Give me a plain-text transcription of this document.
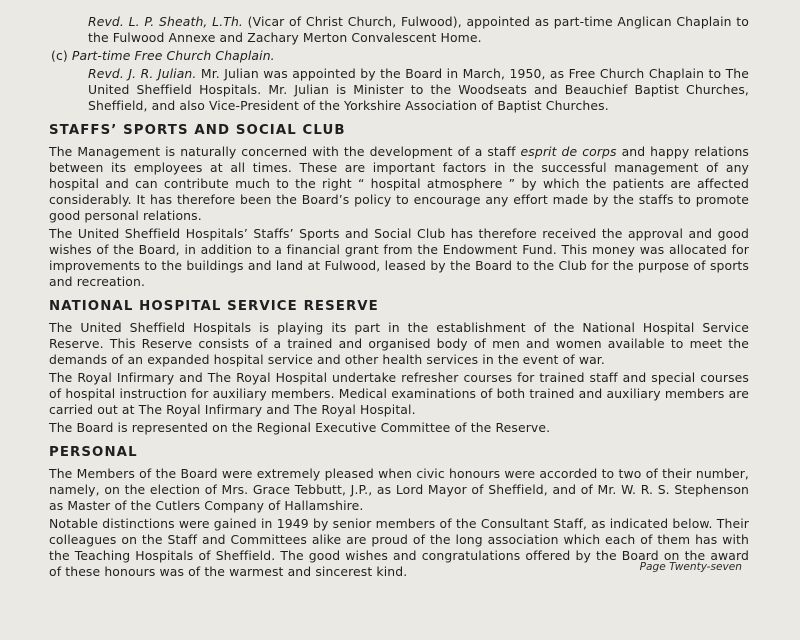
Revd. L. P. Sheath, L.Th. (Vicar of Christ Church, Fulwood), appointed as part-time Anglican Chaplain to the Fulwood Annexe and Zachary Merton Convalescent Home.

(c) Part-time Free Church Chaplain.

Revd. J. R. Julian. Mr. Julian was appointed by the Board in March, 1950, as Free Church Chaplain to The United Sheffield Hospitals. Mr. Julian is Minister to the Woodseats and Beauchief Baptist Churches, Sheffield, and also Vice-President of the Yorkshire Association of Baptist Churches.

STAFFS’ SPORTS AND SOCIAL CLUB

The Management is naturally concerned with the development of a staff esprit de corps and happy relations between its employees at all times. These are important factors in the successful management of any hospital and can contribute much to the right “ hospital atmosphere ” by which the patients are affected considerably. It has therefore been the Board’s policy to encourage any effort made by the staffs to promote good personal relations.

The United Sheffield Hospitals’ Staffs’ Sports and Social Club has therefore received the approval and good wishes of the Board, in addition to a financial grant from the Endowment Fund. This money was allocated for improvements to the buildings and land at Fulwood, leased by the Board to the Club for the purpose of sports and recreation.

NATIONAL HOSPITAL SERVICE RESERVE

The United Sheffield Hospitals is playing its part in the establishment of the National Hospital Service Reserve. This Reserve consists of a trained and organised body of men and women available to meet the demands of an expanded hospital service and other health services in the event of war.

The Royal Infirmary and The Royal Hospital undertake refresher courses for trained staff and special courses of hospital instruction for auxiliary members. Medical examinations of both trained and auxiliary members are carried out at The Royal Infirmary and The Royal Hospital.

The Board is represented on the Regional Executive Committee of the Reserve.

PERSONAL

The Members of the Board were extremely pleased when civic honours were accorded to two of their number, namely, on the election of Mrs. Grace Tebbutt, J.P., as Lord Mayor of Sheffield, and of Mr. W. R. S. Stephenson as Master of the Cutlers Company of Hallamshire.

Notable distinctions were gained in 1949 by senior members of the Consultant Staff, as indicated below. Their colleagues on the Staff and Committees alike are proud of the long association which each of them has with the Teaching Hospitals of Sheffield. The good wishes and congratulations offered by the Board on the award of these honours was of the warmest and sincerest kind.	Page Twenty-seven
